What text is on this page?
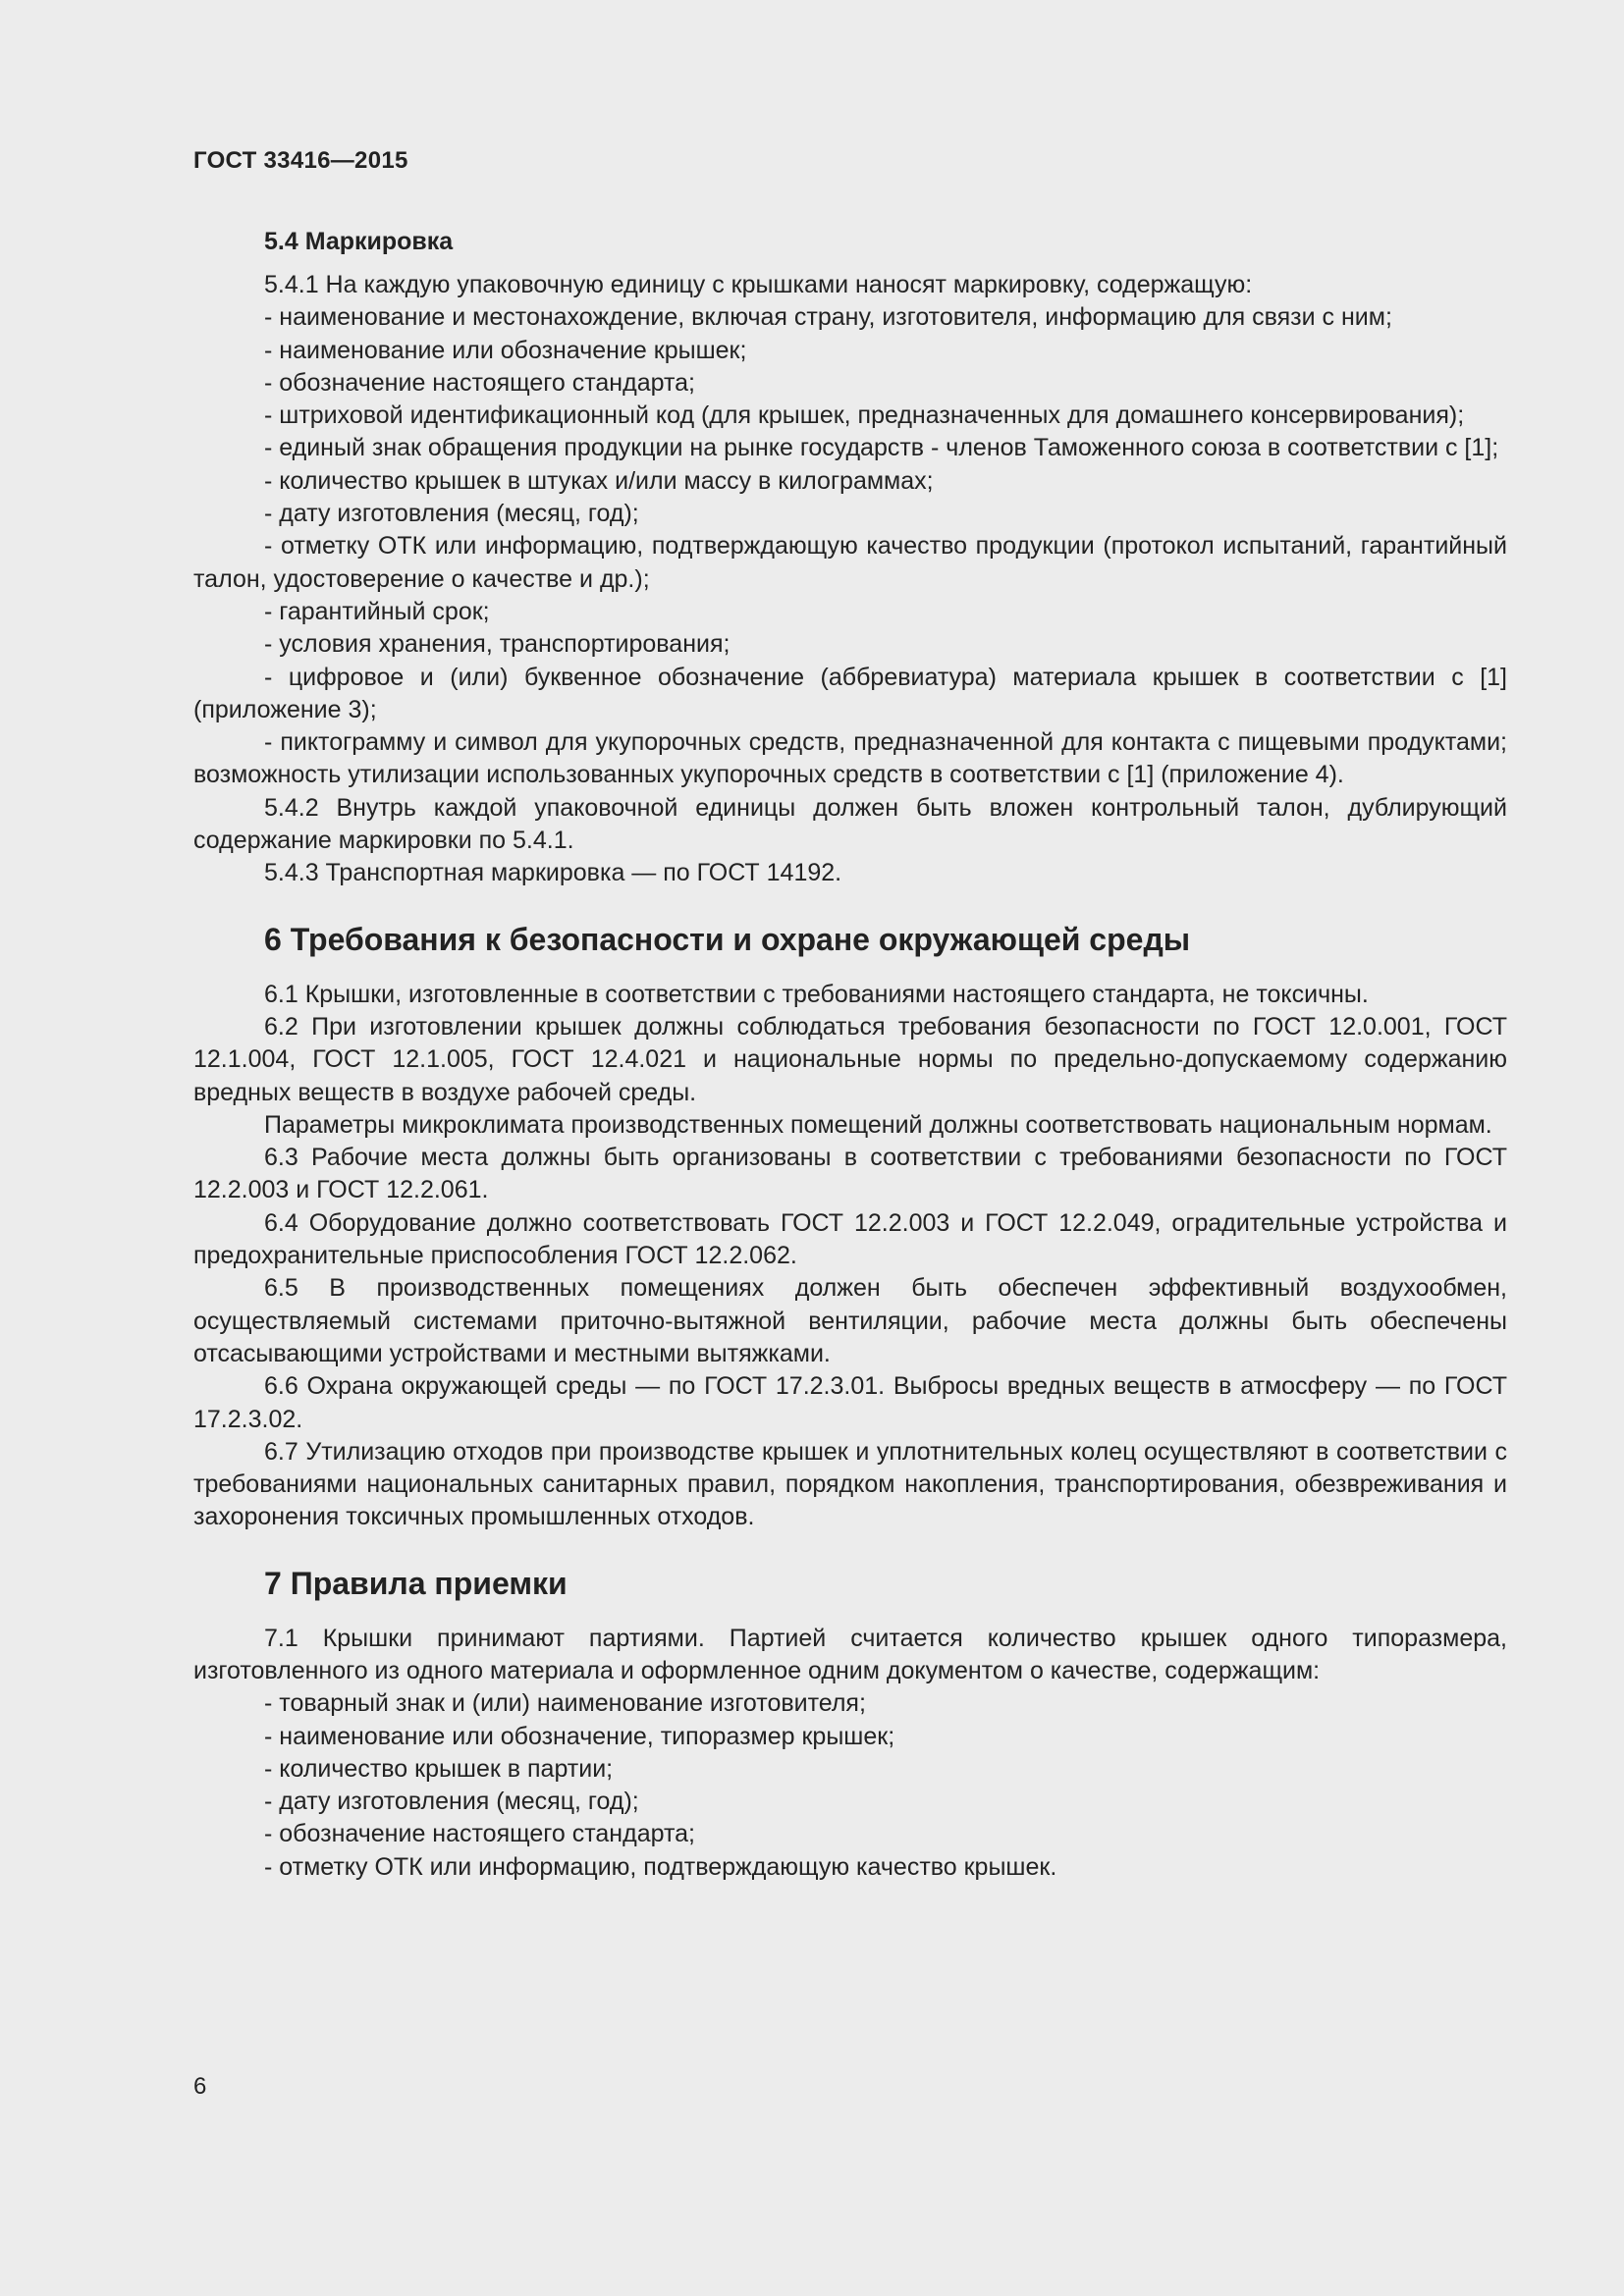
ГОСТ 33416—2015
5.4 Маркировка

5.4.1 На каждую упаковочную единицу с крышками наносят маркировку, содержащую:

- наименование и местонахождение, включая страну, изготовителя, информацию для связи с ним;

- наименование или обозначение крышек;

- обозначение настоящего стандарта;

- штриховой идентификационный код (для крышек, предназначенных для домашнего консервирования);

- единый знак обращения продукции на рынке государств - членов Таможенного союза в соответствии с [1];

- количество крышек в штуках и/или массу в килограммах;

- дату изготовления (месяц, год);

- отметку ОТК или информацию, подтверждающую качество продукции (протокол испытаний, гарантийный талон, удостоверение о качестве и др.);

- гарантийный срок;

- условия хранения, транспортирования;

- цифровое и (или) буквенное обозначение (аббревиатура) материала крышек в соответствии с [1] (приложение 3);

- пиктограмму и символ для укупорочных средств, предназначенной для контакта с пищевыми продуктами; возможность утилизации использованных укупорочных средств в соответствии с [1] (приложение 4).

5.4.2 Внутрь каждой упаковочной единицы должен быть вложен контрольный талон, дублирующий содержание маркировки по 5.4.1.

5.4.3 Транспортная маркировка — по ГОСТ 14192.

6 Требования к безопасности и охране окружающей среды

6.1 Крышки, изготовленные в соответствии с требованиями настоящего стандарта, не токсичны.

6.2 При изготовлении крышек должны соблюдаться требования безопасности по ГОСТ 12.0.001, ГОСТ 12.1.004, ГОСТ 12.1.005, ГОСТ 12.4.021 и национальные нормы по предельно-допускаемому содержанию вредных веществ в воздухе рабочей среды.

Параметры микроклимата производственных помещений должны соответствовать национальным нормам.

6.3 Рабочие места должны быть организованы в соответствии с требованиями безопасности по ГОСТ 12.2.003 и ГОСТ 12.2.061.

6.4 Оборудование должно соответствовать ГОСТ 12.2.003 и ГОСТ 12.2.049, оградительные устройства и предохранительные приспособления ГОСТ 12.2.062.

6.5 В производственных помещениях должен быть обеспечен эффективный воздухообмен, осуществляемый системами приточно-вытяжной вентиляции, рабочие места должны быть обеспечены отсасывающими устройствами и местными вытяжками.

6.6 Охрана окружающей среды — по ГОСТ 17.2.3.01. Выбросы вредных веществ в атмосферу — по ГОСТ 17.2.3.02.

6.7 Утилизацию отходов при производстве крышек и уплотнительных колец осуществляют в соответствии с требованиями национальных санитарных правил, порядком накопления, транспортирования, обезвреживания и захоронения токсичных промышленных отходов.

7 Правила приемки

7.1 Крышки принимают партиями. Партией считается количество крышек одного типоразмера, изготовленного из одного материала и оформленное одним документом о качестве, содержащим:

- товарный знак и (или) наименование изготовителя;

- наименование или обозначение, типоразмер крышек;

- количество крышек в партии;

- дату изготовления (месяц, год);

- обозначение настоящего стандарта;

- отметку ОТК или информацию, подтверждающую качество крышек.

6
